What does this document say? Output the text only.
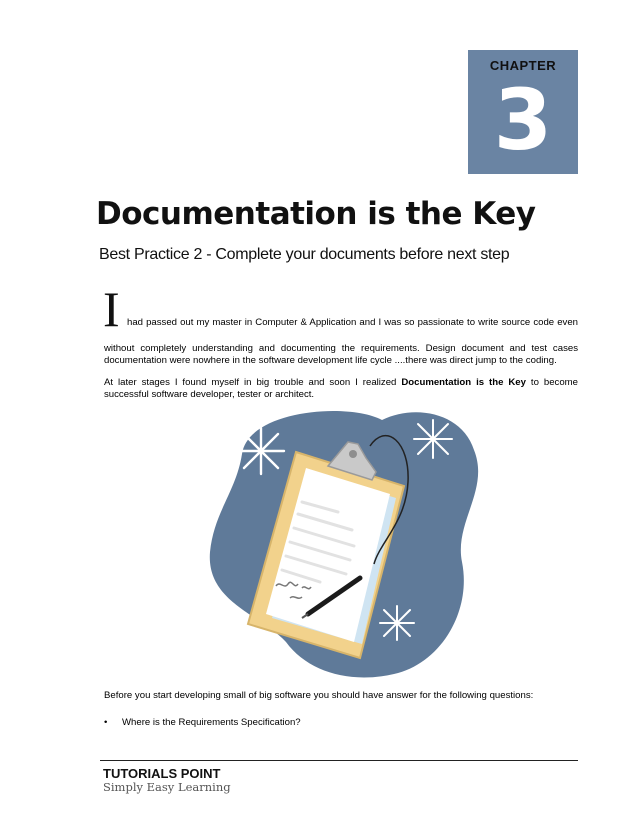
CHAPTER
3
Documentation is the Key
Best Practice 2 - Complete your documents before next step
I had passed out my master in Computer & Application and I was so passionate to write source code even

without completely understanding and documenting the requirements. Design document and test cases documentation were nowhere in the software development life cycle ....there was direct jump to the coding.

At later stages I found myself in big trouble and soon I realized Documentation is the Key to become successful software developer, tester or architect.

Before you start developing small of big software you should have answer for the following questions:

• Where is the Requirements Specification?
TUTORIALS POINT
Simply Easy Learning
